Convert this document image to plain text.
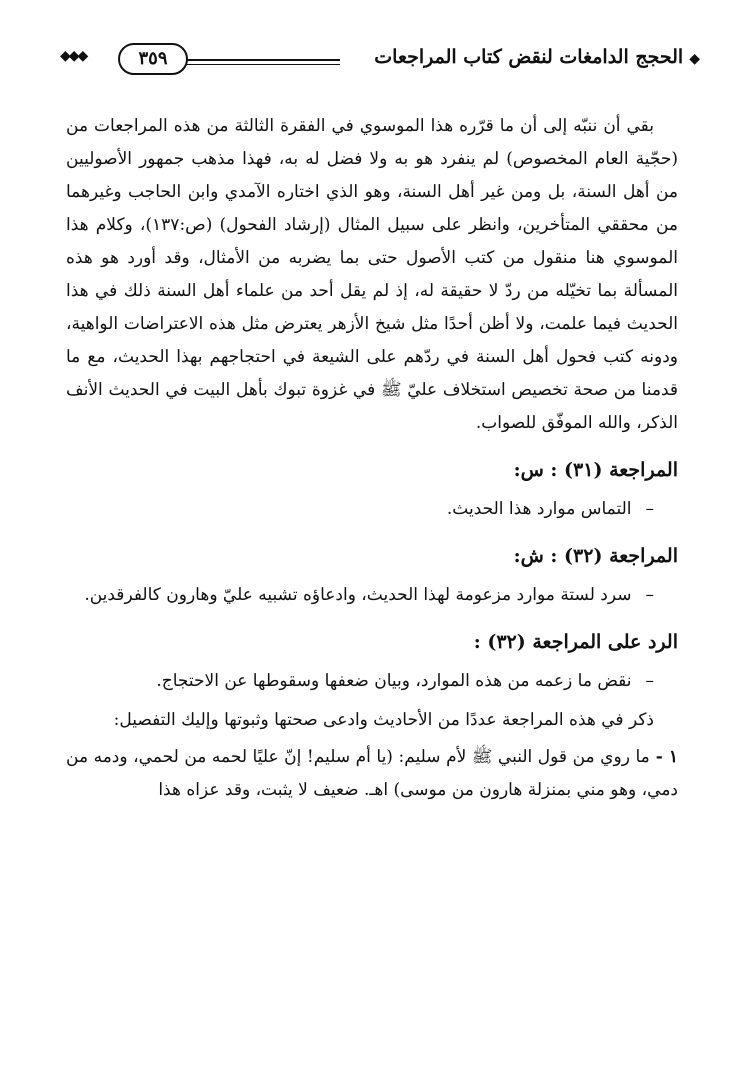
◆الحجج الدامغات لنقض كتاب المراجعات
٣٥٩
◆◆◆

بقي أن ننبّه إلى أن ما قرّره هذا الموسوي في الفقرة الثالثة من هذه المراجعات من (حجّية العام المخصوص) لم ينفرد هو به ولا فضل له به، فهذا مذهب جمهور الأصوليين من أهل السنة، بل ومن غير أهل السنة، وهو الذي اختاره الآمدي وابن الحاجب وغيرهما من محققي المتأخرين، وانظر على سبيل المثال (إرشاد الفحول) (ص:١٣٧)، وكلام هذا الموسوي هنا منقول من كتب الأصول حتى بما يضربه من الأمثال، وقد أورد هو هذه المسألة بما تخيّله من ردّ لا حقيقة له، إذ لم يقل أحد من علماء أهل السنة ذلك في هذا الحديث فيما علمت، ولا أظن أحدًا مثل شيخ الأزهر يعترض مثل هذه الاعتراضات الواهية، ودونه كتب فحول أهل السنة في ردّهم على الشيعة في احتجاجهم بهذا الحديث، مع ما قدمنا من صحة تخصيص استخلاف عليّ ﷺ في غزوة تبوك بأهل البيت في الحديث الأنف الذكر، والله الموفّق للصواب.

المراجعة (٣١) : س:

–التماس موارد هذا الحديث.

المراجعة (٣٢) : ش:

–سرد لستة موارد مزعومة لهذا الحديث، وادعاؤه تشبيه عليّ وهارون كالفرقدين.

الرد على المراجعة (٣٢) :

–نقض ما زعمه من هذه الموارد، وبيان ضعفها وسقوطها عن الاحتجاج.

ذكر في هذه المراجعة عددًا من الأحاديث وادعى صحتها وثبوتها وإليك التفصيل:

١ -ما روي من قول النبي ﷺ لأم سليم: (يا أم سليم! إنّ عليًا لحمه من لحمي، ودمه من دمي، وهو مني بمنزلة هارون من موسى) اهـ. ضعيف لا يثبت، وقد عزاه هذا
